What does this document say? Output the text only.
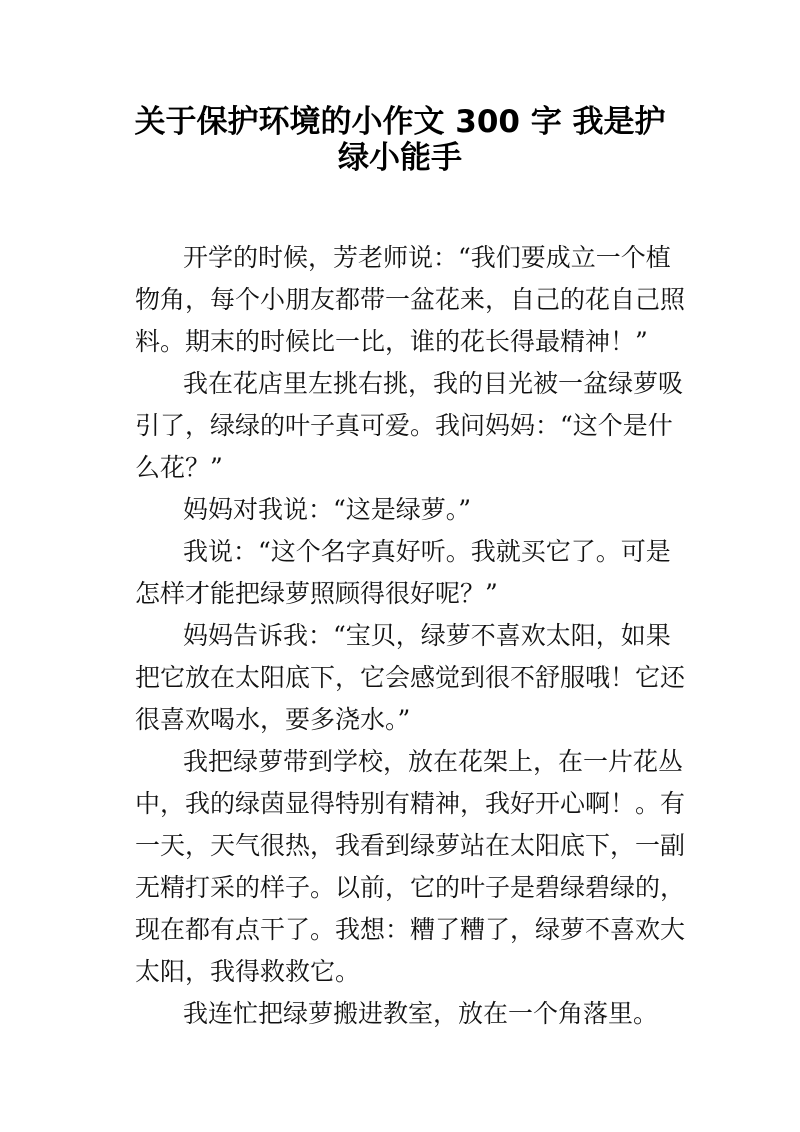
关于保护环境的小作文 300 字 我是护
绿小能手
开学的时候，芳老师说：“我们要成立一个植
物角，每个小朋友都带一盆花来，自己的花自己照
料。期末的时候比一比，谁的花长得最精神！”
我在花店里左挑右挑，我的目光被一盆绿萝吸
引了，绿绿的叶子真可爱。我问妈妈：“这个是什
么花？”
妈妈对我说：“这是绿萝。”
我说：“这个名字真好听。我就买它了。可是
怎样才能把绿萝照顾得很好呢？”
妈妈告诉我：“宝贝，绿萝不喜欢太阳，如果
把它放在太阳底下，它会感觉到很不舒服哦！它还
很喜欢喝水，要多浇水。”
我把绿萝带到学校，放在花架上，在一片花丛
中，我的绿茵显得特别有精神，我好开心啊！。有
一天，天气很热，我看到绿萝站在太阳底下，一副
无精打采的样子。以前，它的叶子是碧绿碧绿的，
现在都有点干了。我想：糟了糟了，绿萝不喜欢大
太阳，我得救救它。
我连忙把绿萝搬进教室，放在一个角落里。
